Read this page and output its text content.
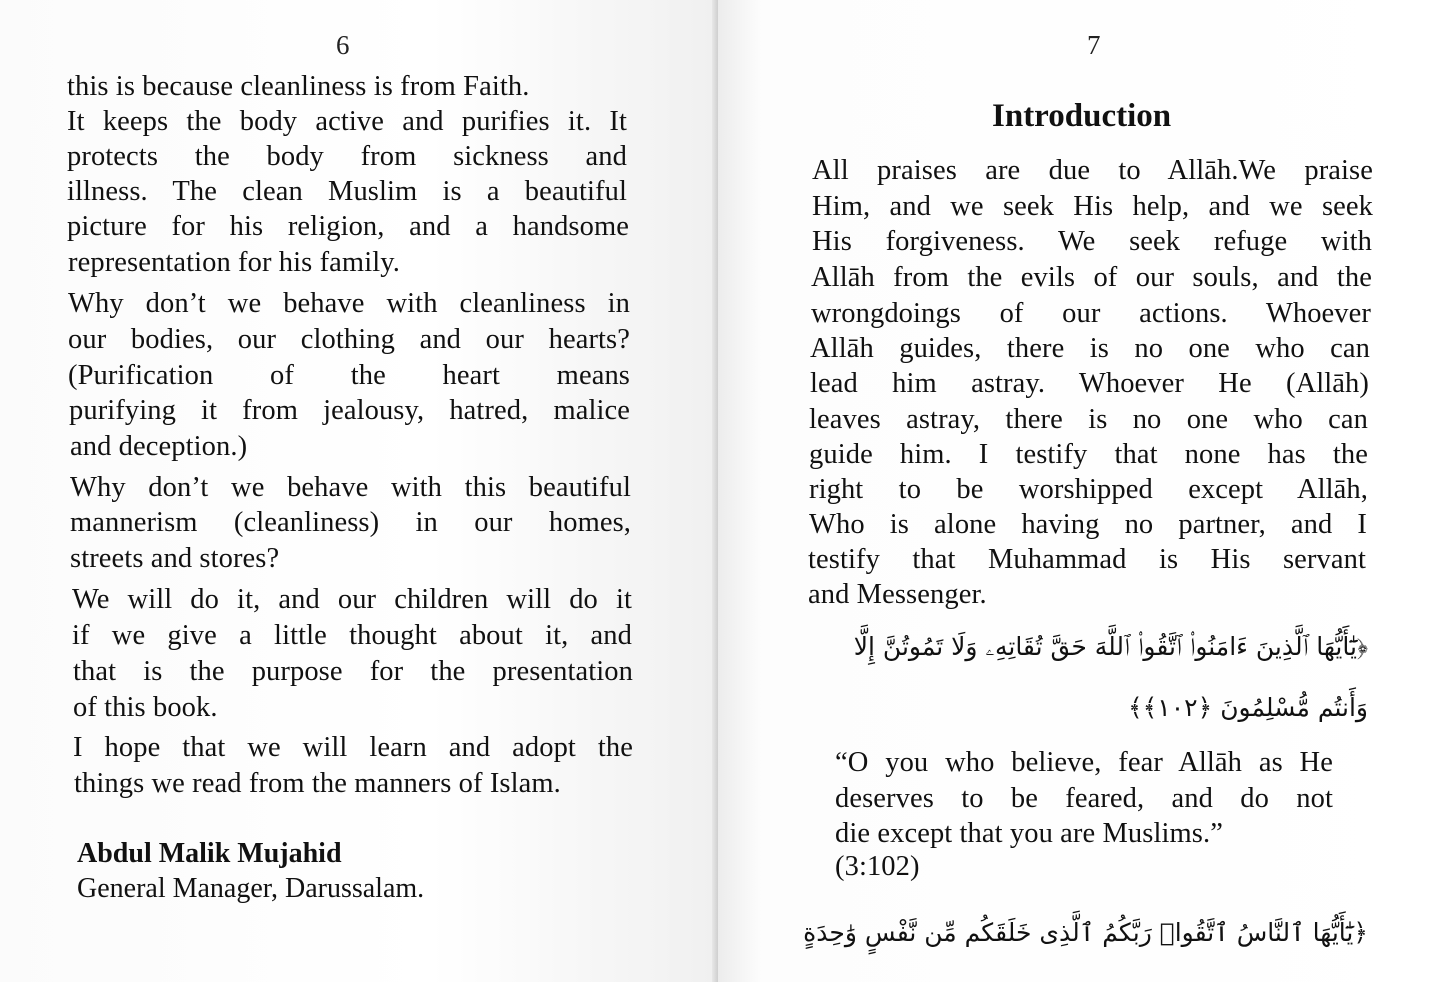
6
this is because cleanliness is from Faith.
It keeps the body active and purifies it. It
protects the body from sickness and
illness. The clean Muslim is a beautiful
picture for his religion, and a handsome
representation for his family.
Why don’t we behave with cleanliness in
our bodies, our clothing and our hearts?
(Purification of the heart means
purifying it from jealousy, hatred, malice
and deception.)
Why don’t we behave with this beautiful
mannerism (cleanliness) in our homes,
streets and stores?
We will do it, and our children will do it
if we give a little thought about it, and
that is the purpose for the presentation
of this book.
I hope that we will learn and adopt the
things we read from the manners of Islam.
Abdul Malik Mujahid
General Manager, Darussalam.
7
Introduction
All praises are due to Allāh.We praise
Him, and we seek His help, and we seek
His forgiveness. We seek refuge with
Allāh from the evils of our souls, and the
wrongdoings of our actions. Whoever
Allāh guides, there is no one who can
lead him astray. Whoever He (Allāh)
leaves astray, there is no one who can
guide him. I testify that none has the
right to be worshipped except Allāh,
Who is alone having no partner, and I
testify that Muhammad is His servant
and Messenger.
﴿يَٰٓأَيُّهَا ٱلَّذِينَ ءَامَنُوا۟ ٱتَّقُوا۟ ٱللَّهَ حَقَّ تُقَاتِهِۦ وَلَا تَمُوتُنَّ إِلَّا
وَأَنتُم مُّسْلِمُونَ ﴿١٠٢﴾﴾
“O you who believe, fear Allāh as He
deserves to be feared, and do not
die except that you are Muslims.”
(3:102)
﴿يَٰٓأَيُّهَا ٱلنَّاسُ ٱتَّقُوا۟ رَبَّكُمُ ٱلَّذِى خَلَقَكُم مِّن نَّفْسٍ وَٰحِدَةٍ
